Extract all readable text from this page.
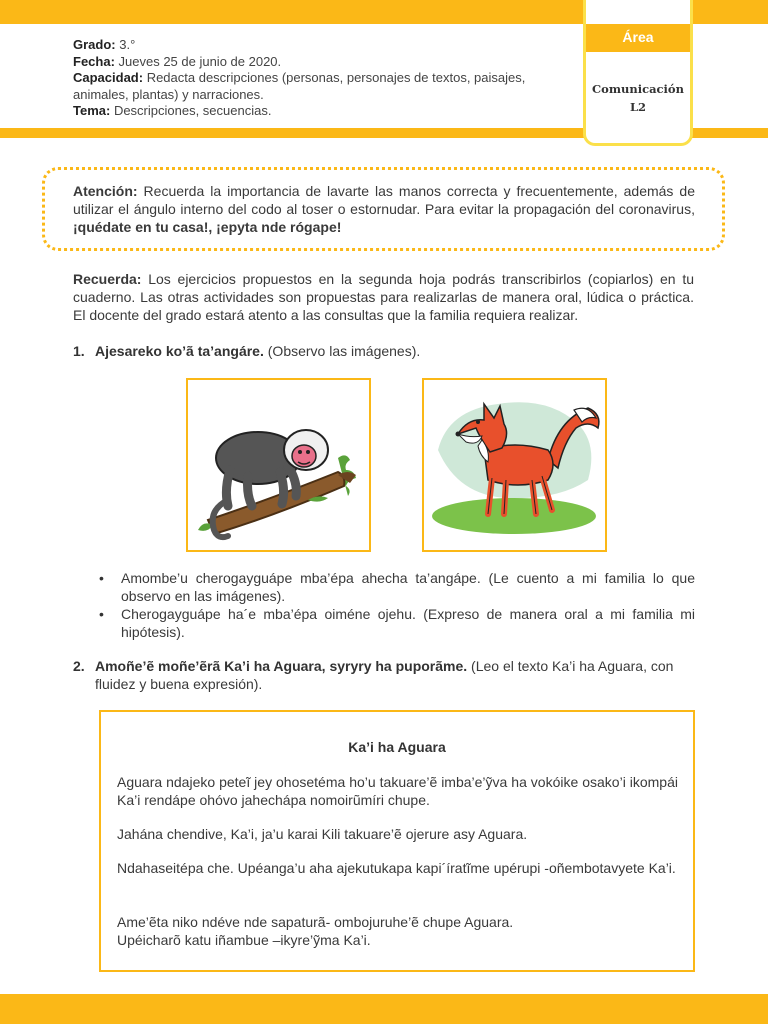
Grado: 3.°
Fecha: Jueves 25 de junio de 2020.
Capacidad: Redacta descripciones (personas, personajes de textos, paisajes, animales, plantas) y narraciones.
Tema: Descripciones, secuencias.
••
Área
Comunicación
L2

Atención: Recuerda la importancia de lavarte las manos correcta y frecuentemente, además de utilizar el ángulo interno del codo al toser o estornudar. Para evitar la propagación del coronavirus, ¡quédate en tu casa!, ¡epyta nde rógape!

Recuerda: Los ejercicios propuestos en la segunda hoja podrás transcribirlos (copiarlos) en tu cuaderno. Las otras actividades son propuestas para realizarlas de manera oral, lúdica o práctica. El docente del grado estará atento a las consultas que la familia requiera realizar.

1. Ajesareko ko’ã ta’angáre. (Observo las imágenes).

• Amombe’u cherogayguápe mba’épa ahecha ta’angápe. (Le cuento a mi familia lo que observo en las imágenes).
• Cherogayguápe ha´e mba’épa oiméne ojehu. (Expreso de manera oral a mi familia mi hipótesis).
2. Amoñe’ẽ moñe’ẽrã Ka’i ha Aguara, syryry ha puporãme. (Leo el texto Ka’i ha Aguara, con fluidez y buena expresión).

Ka’i ha Aguara

Aguara ndajeko peteĩ jey ohosetéma ho’u takuare’ẽ imba’e’ỹva ha vokóike osako’i ikompái Ka’i rendápe ohóvo jahechápa nomoirũmíri chupe.

Jahána chendive, Ka’i, ja’u karai Kili takuare’ẽ ojerure asy Aguara.

Ndahaseitépa che. Upéanga’u aha ajekutukapa kapi´íratĩme upérupi -oñembotavyete Ka’i.

Ame’ẽta niko ndéve nde sapaturã- ombojuruhe’ẽ chupe Aguara.

Upéicharõ katu iñambue –ikyre’ỹma Ka’i.
